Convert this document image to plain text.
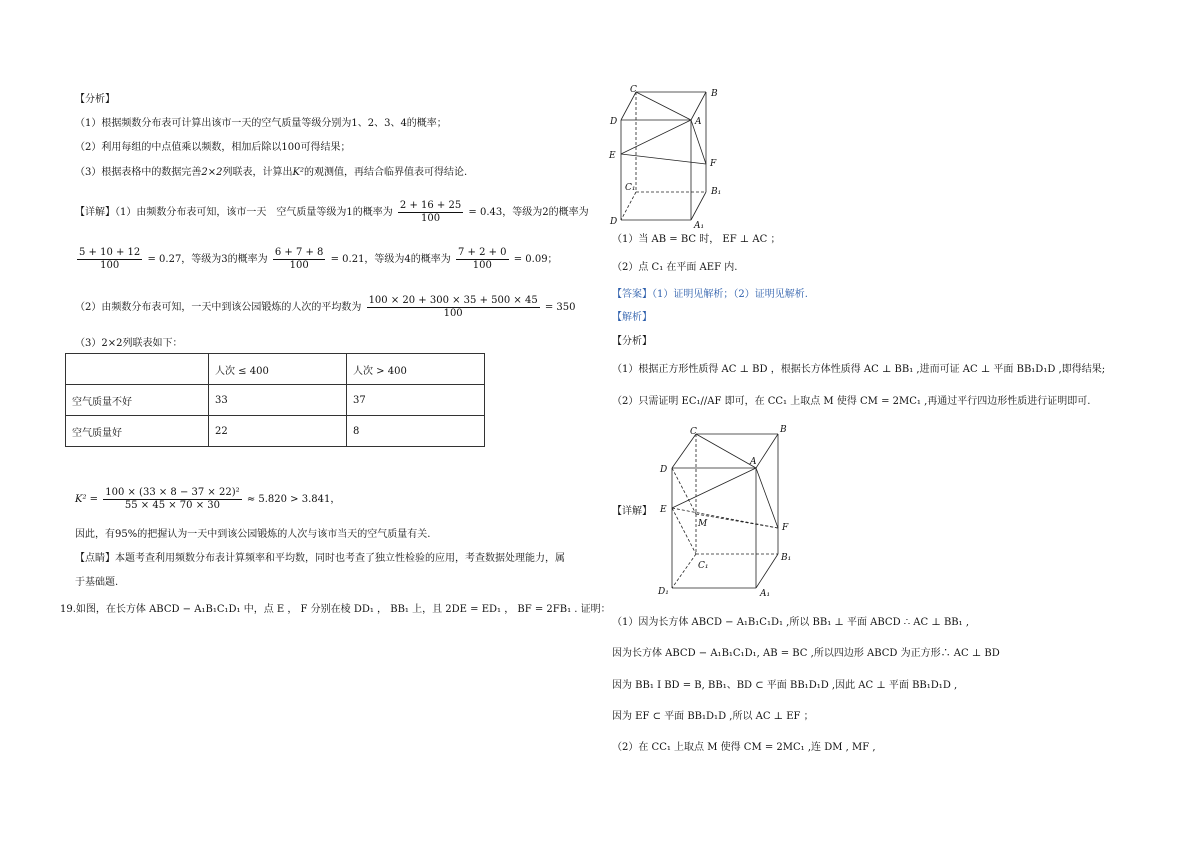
【分析】
（1）根据频数分布表可计算出该市一天的空气质量等级分别为1、2、3、4的概率；
（2）利用每组的中点值乘以频数，相加后除以100可得结果；
（3）根据表格中的数据完善2×2列联表，计算出K²的观测值，再结合临界值表可得结论.
【详解】（1）由频数分布表可知，该市一天　空气质量等级为1的概率为 $\frac{2 + 16 + 25}{100} = 0.43$，等级为2的概率为
$\frac{5 + 10 + 12}{100} = 0.27$，等级为3的概率为 $\frac{6 + 7 + 8}{100} = 0.21$，等级为4的概率为 $\frac{7 + 2 + 0}{100} = 0.09$；
（2）由频数分布表可知，一天中到该公园锻炼的人次的平均数为 $\frac{100 \times 20 + 300 \times 35 + 500 \times 45}{100} = 350$
（3）2×2列联表如下：
$K^2 = \frac{\text{100 × (33 × 8 − 37 × 22)²}}{55 \times 45 \times 70 \times 30} \approx 5.820 > 3.841$，
因此，有95%的把握认为一天中到该公园锻炼的人次与该市当天的空气质量有关.
【点睛】本题考查利用频数分布表计算频率和平均数，同时也考查了独立性检验的应用，考查数据处理能力，属
于基础题.
19.如图，在长方体 ABCD − A₁B₁C₁D₁ 中，点 E ， F 分别在棱 DD₁ ， BB₁ 上，且 2DE = ED₁ ， BF = 2FB₁ . 证明：
	人次 ≤ 400	人次 > 400
空气质量不好	33	37
空气质量好	22	8
C	B
D	A
E
F
C₁	B₁
D	A₁
C	B
D
A
E
F
M
C₁
B₁
D₁	A₁
（1）当 AB = BC 时， EF ⊥ AC ；
（2）点 C₁ 在平面 AEF 内.
【答案】（1）证明见解析；（2）证明见解析.
【解析】
【分析】
（1）根据正方形性质得 AC ⊥ BD ，根据长方体性质得 AC ⊥ BB₁ ,进而可证 AC ⊥ 平面 BB₁D₁D ,即得结果;
（2）只需证明 EC₁//AF 即可，在 CC₁ 上取点 M 使得 CM = 2MC₁ ,再通过平行四边形性质进行证明即可.
【详解】
（1）因为长方体 ABCD − A₁B₁C₁D₁ ,所以 BB₁ ⊥ 平面 ABCD ∴ AC ⊥ BB₁ ,
因为长方体 ABCD − A₁B₁C₁D₁, AB = BC ,所以四边形 ABCD 为正方形∴ AC ⊥ BD
因为 BB₁ I BD = B, BB₁、BD ⊂ 平面 BB₁D₁D ,因此 AC ⊥ 平面 BB₁D₁D ,
因为 EF ⊂ 平面 BB₁D₁D ,所以 AC ⊥ EF ；
（2）在 CC₁ 上取点 M 使得 CM = 2MC₁ ,连 DM , MF ,
